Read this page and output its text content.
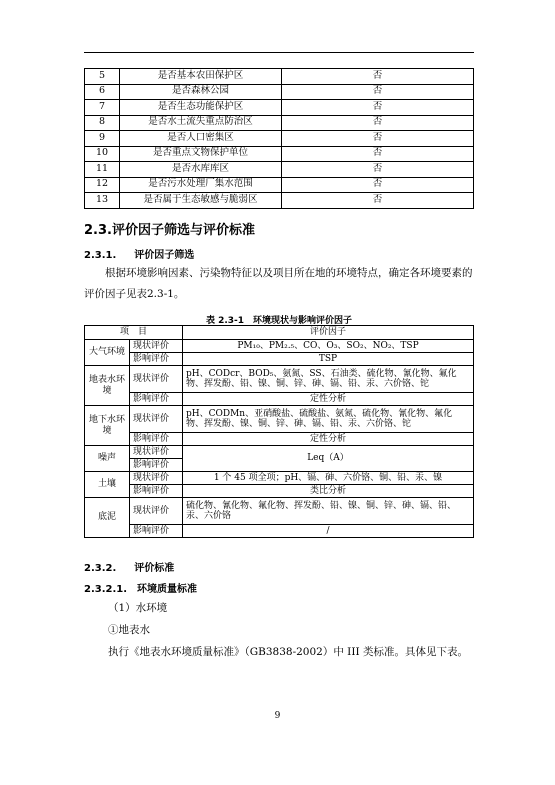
5	是否基本农田保护区	否
6	是否森林公园	否
7	是否生态功能保护区	否
8	是否水土流失重点防治区	否
9	是否人口密集区	否
10	是否重点文物保护单位	否
11	是否水库库区	否
12	是否污水处理厂集水范围	否
13	是否属于生态敏感与脆弱区	否
2.3.评价因子筛选与评价标准
2.3.1. 评价因子筛选
根据环境影响因素、污染物特征以及项目所在地的环境特点，确定各环境要素的评价因子见表2.3-1。
表 2.3-1　环境现状与影响评价因子
项　目		评价因子
大气环境	现状评价	PM₁₀、PM₂.₅、CO、O₃、SO₂、NO₂、TSP
	影响评价	TSP
地表水环境	现状评价	pH、CODcr、BOD₅、氨氮、SS、石油类、硫化物、氰化物、氟化物、挥发酚、铅、镍、铜、锌、砷、镉、铅、汞、六价铬、铊
	影响评价	定性分析
地下水环境	现状评价	pH、CODMn、亚硝酸盐、硫酸盐、氨氮、硫化物、氰化物、氟化物、挥发酚、镍、铜、锌、砷、镉、铅、汞、六价铬、铊
	影响评价	定性分析
噪声	现状评价	Leq（A）
	影响评价	
土壤	现状评价	1 个 45 项全项；pH、镉、砷、六价铬、铜、铅、汞、镍
	影响评价	类比分析
底泥	现状评价	硫化物、氰化物、氟化物、挥发酚、铅、镍、铜、锌、砷、镉、铅、汞、六价铬
	影响评价	/
2.3.2. 评价标准
2.3.2.1. 环境质量标准
（1）水环境
①地表水
执行《地表水环境质量标准》（GB3838-2002）中 III 类标准。具体见下表。
9
